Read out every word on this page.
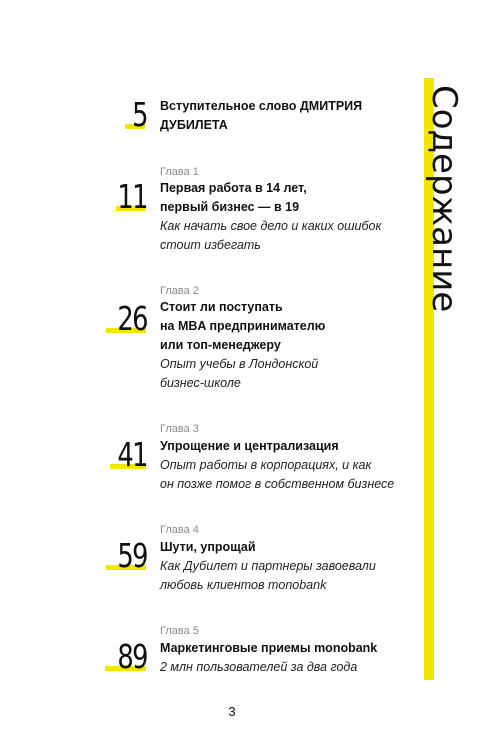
Содержание
5 Вступительное слово ДМИТРИЯ
ДУБИЛЕТА
Глава 1
11 Первая работа в 14 лет,
первый бизнес — в 19
Как начать свое дело и каких ошибок
стоит избегать
Глава 2
26 Стоит ли поступать
на MBA предпринимателю
или топ-менеджеру
Опыт учебы в Лондонской
бизнес-школе
Глава 3
41 Упрощение и централизация
Опыт работы в корпорациях, и как
он позже помог в собственном бизнесе
Глава 4
59 Шути, упрощай
Как Дубилет и партнеры завоевали
любовь клиентов monobank
Глава 5
89 Маркетинговые приемы monobank
2 млн пользователей за два года
3
